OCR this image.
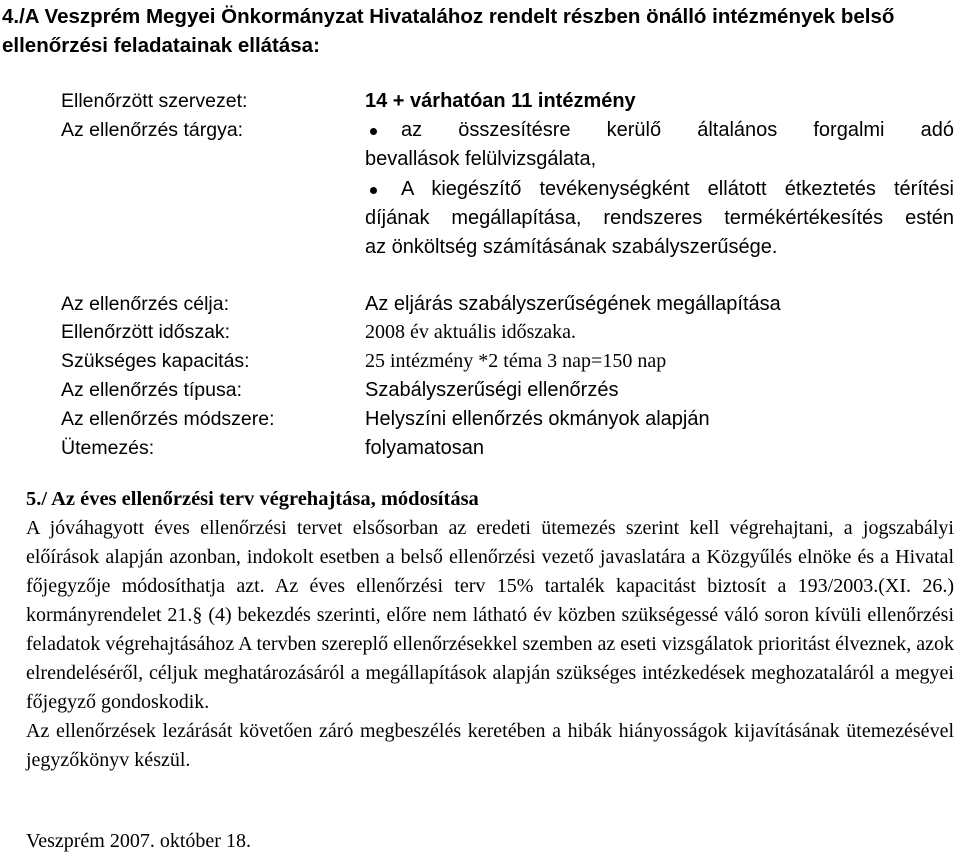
4./A Veszprém Megyei Önkormányzat Hivatalához rendelt részben önálló intézmények belső ellenőrzési feladatainak ellátása:
Ellenőrzött szervezet:	14 + várhatóan 11 intézmény
Az ellenőrzés tárgya:	az összesítésre kerülő általános forgalmi adó
bevallások felülvizsgálata,
A kiegészítő tevékenységként ellátott étkeztetés térítési
díjának megállapítása, rendszeres termékértékesítés estén
az önköltség számításának szabályszerűsége.
Az ellenőrzés célja:	Az eljárás szabályszerűségének megállapítása
Ellenőrzött időszak:	2008 év aktuális időszaka.
Szükséges kapacitás:	25 intézmény *2 téma 3 nap=150 nap
Az ellenőrzés típusa:	Szabályszerűségi ellenőrzés
Az ellenőrzés módszere:	Helyszíni ellenőrzés okmányok alapján
Ütemezés:	folyamatosan
5./ Az éves ellenőrzési terv végrehajtása, módosítása

A jóváhagyott éves ellenőrzési tervet elsősorban az eredeti ütemezés szerint kell végrehajtani, a jogszabályi előírások alapján azonban, indokolt esetben a belső ellenőrzési vezető javaslatára a Közgyűlés elnöke és a Hivatal főjegyzője módosíthatja azt. Az éves ellenőrzési terv 15% tartalék kapacitást biztosít a 193/2003.(XI. 26.) kormányrendelet 21.§ (4) bekezdés szerinti, előre nem látható év közben szükségessé váló soron kívüli ellenőrzési feladatok végrehajtásához A tervben szereplő ellenőrzésekkel szemben az eseti vizsgálatok prioritást élveznek, azok elrendeléséről, céljuk meghatározásáról a megállapítások alapján szükséges intézkedések meghozataláról a megyei főjegyző gondoskodik.

Az ellenőrzések lezárását követően záró megbeszélés keretében a hibák hiányosságok kijavításának ütemezésével jegyzőkönyv készül.

Veszprém 2007. október 18.
